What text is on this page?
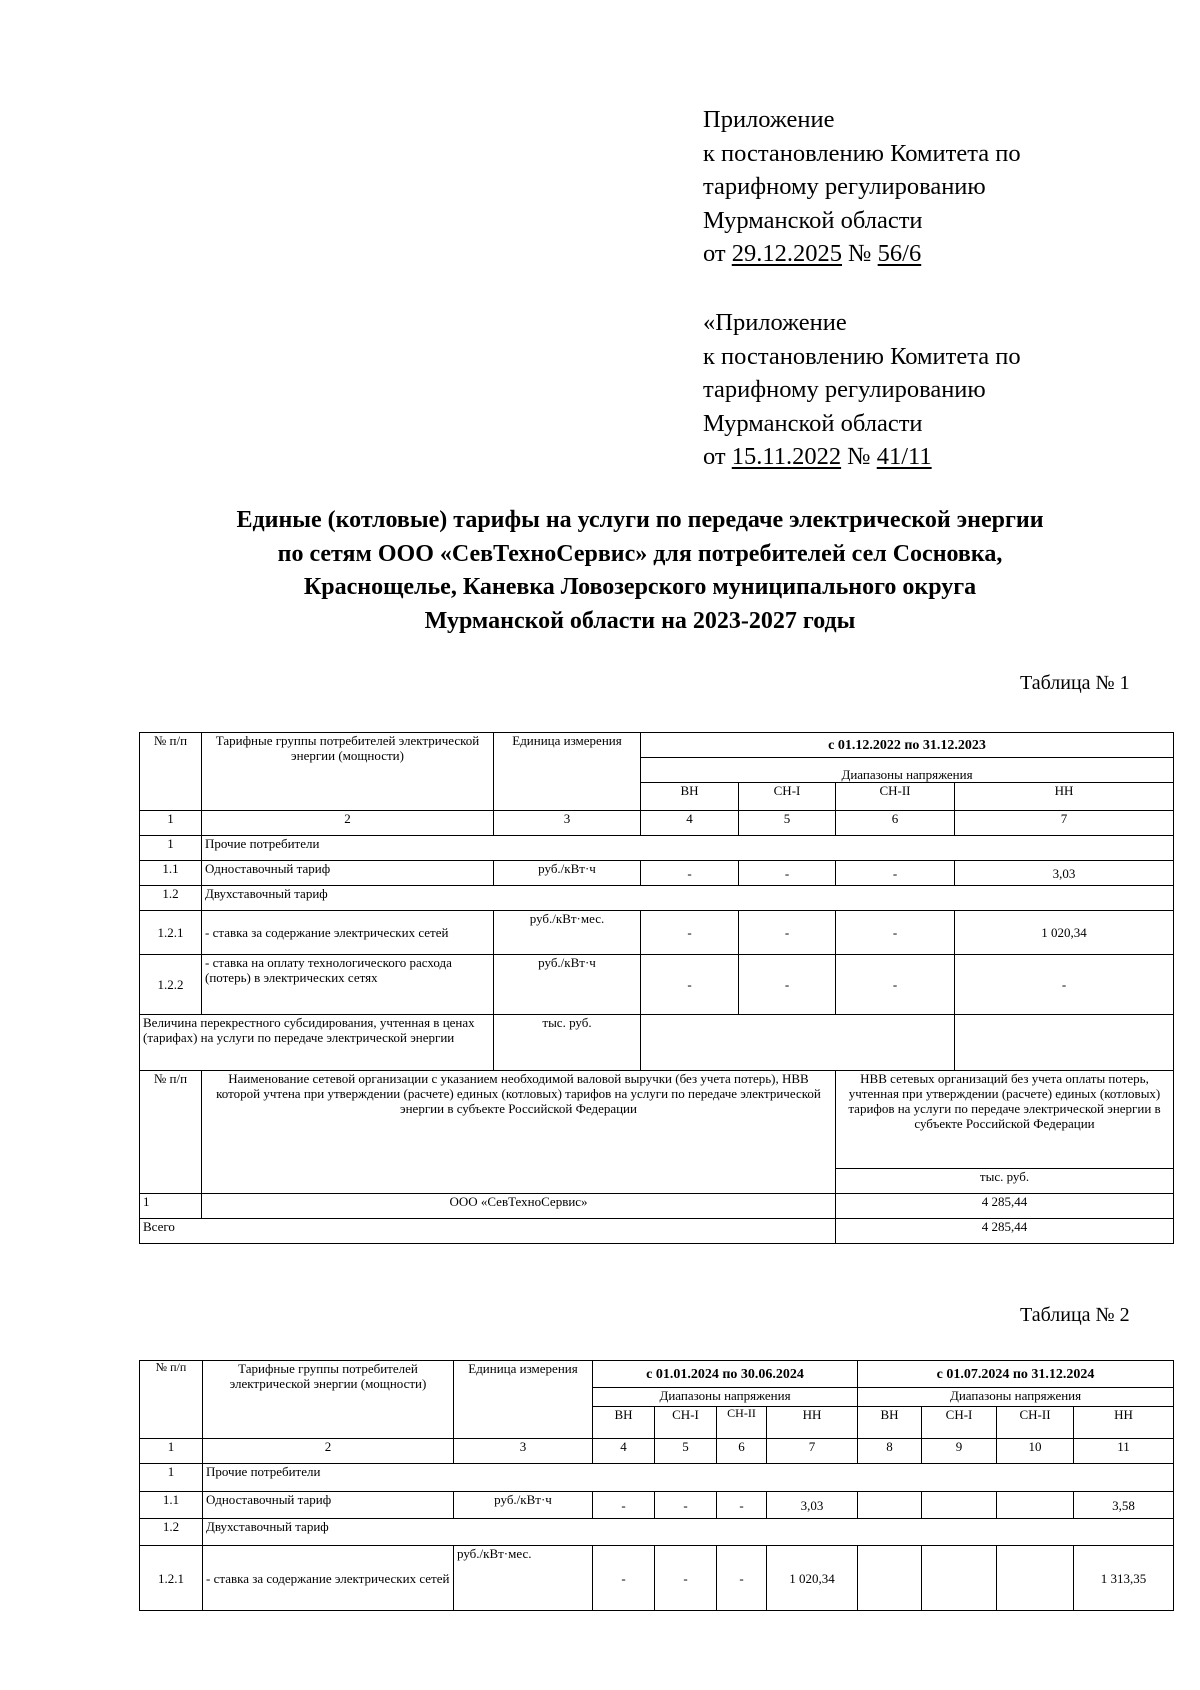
Приложение
к постановлению Комитета по
тарифному регулированию
Мурманской области
от 29.12.2025 № 56/6
«Приложение
к постановлению Комитета по
тарифному регулированию
Мурманской области
от 15.11.2022 № 41/11
Единые (котловые) тарифы на услуги по передаче электрической энергии
по сетям ООО «СевТехноСервис» для потребителей сел Сосновка,
Краснощелье, Каневка Ловозерского муниципального округа
Мурманской области на 2023-2027 годы
Таблица № 1
№ п/п	Тарифные группы потребителей электрической энергии (мощности)	Единица измерения	с 01.12.2022 по 31.12.2023			
			Диапазоны напряжения			
			ВН	СН-I	СН-II	НН
1	2	3	4	5	6	7
1	Прочие потребители					
1.1	Одноставочный тариф	руб./кВт·ч	-	-	-	3,03
1.2	Двухставочный тариф					
1.2.1	- ставка за содержание электрических сетей	руб./кВт·мес.	-	-	-	1 020,34
1.2.2	- ставка на оплату технологического расхода (потерь) в электрических сетях	руб./кВт·ч	-	-	-	-
Величина перекрестного субсидирования, учтенная в ценах (тарифах) на услуги по передаче электрической энергии		тыс. руб.				
№ п/п	Наименование сетевой организации с указанием необходимой валовой выручки (без учета потерь), НВВ которой учтена при утверждении (расчете) единых (котловых) тарифов на услуги по передаче электрической энергии в субъекте Российской Федерации				НВВ сетевых организаций без учета оплаты потерь, учтенная при утверждении (расчете) единых (котловых) тарифов на услуги по передаче электрической энергии в субъекте Российской Федерации	
					тыс. руб.	
1	ООО «СевТехноСервис»				4 285,44	
Всего					4 285,44	
Таблица № 2
№ п/п	Тарифные группы потребителей электрической энергии (мощности)	Единица измерения	с 01.01.2024 по 30.06.2024				с 01.07.2024 по 31.12.2024			
			Диапазоны напряжения				Диапазоны напряжения			
			ВН	СН-I	СН-II	НН	ВН	СН-I	СН-II	НН
1	2	3	4	5	6	7	8	9	10	11
1	Прочие потребители									
1.1	Одноставочный тариф	руб./кВт·ч	-	-	-	3,03				3,58
1.2	Двухставочный тариф									
1.2.1	- ставка за содержание электрических сетей	руб./кВт·мес.	-	-	-	1 020,34				1 313,35
